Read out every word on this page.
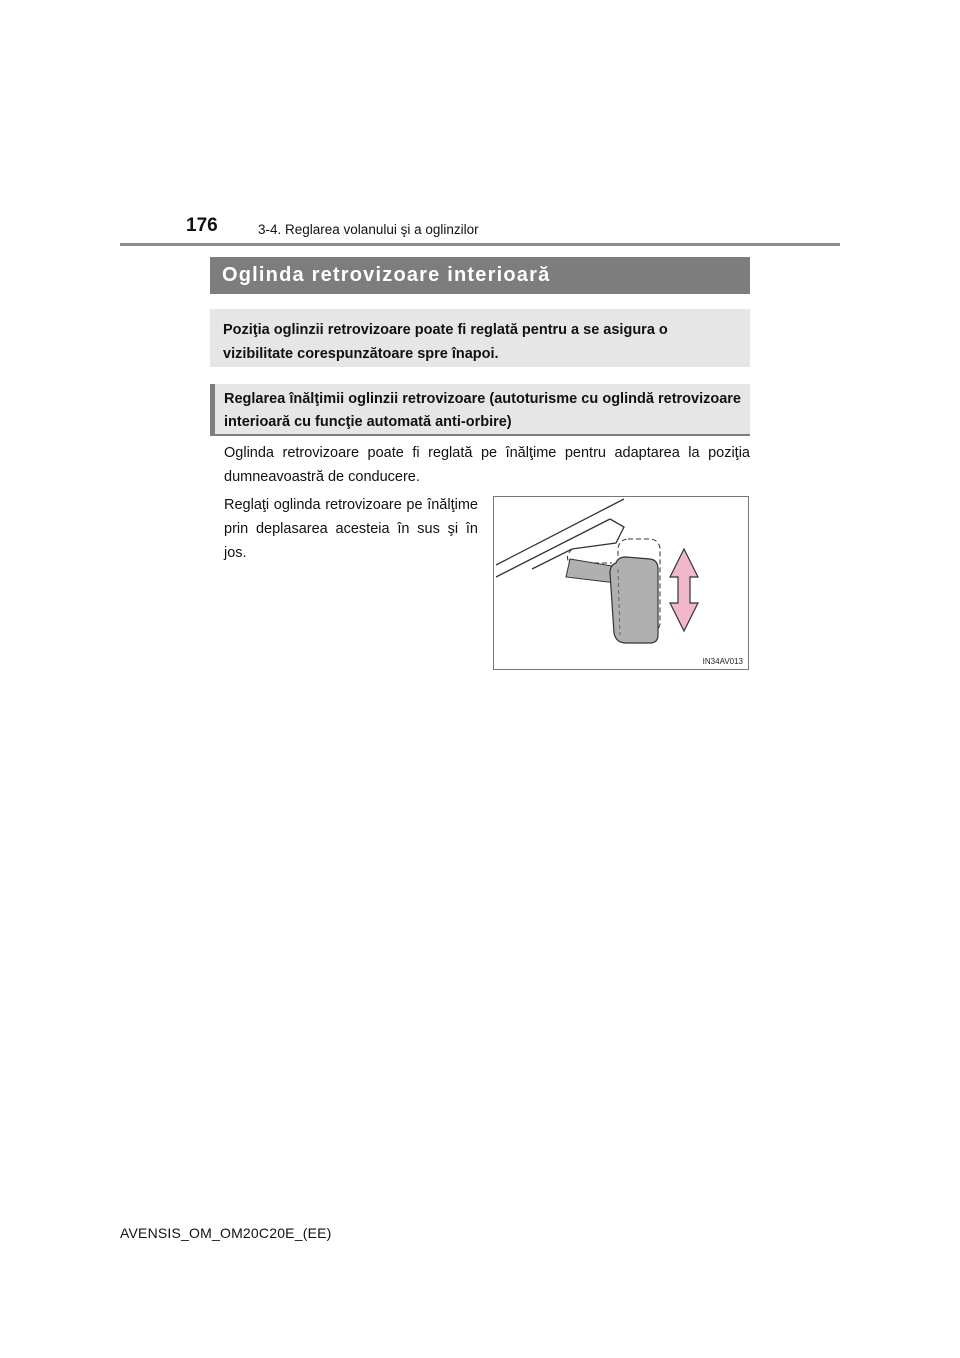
176	3-4. Reglarea volanului şi a oglinzilor
Oglinda retrovizoare interioară
Poziţia oglinzii retrovizoare poate fi reglată pentru a se asigura o vizibilitate corespunzătoare spre înapoi.
Reglarea înălţimii oglinzii retrovizoare (autoturisme cu oglindă retrovizoare interioară cu funcţie automată anti-orbire)

Oglinda retrovizoare poate fi reglată pe înălţime pentru adaptarea la poziţia dumneavoastră de conducere.

Reglaţi oglinda retrovizoare pe înălţime prin deplasarea acesteia în sus şi în jos.

IN34AV013
AVENSIS_OM_OM20C20E_(EE)
